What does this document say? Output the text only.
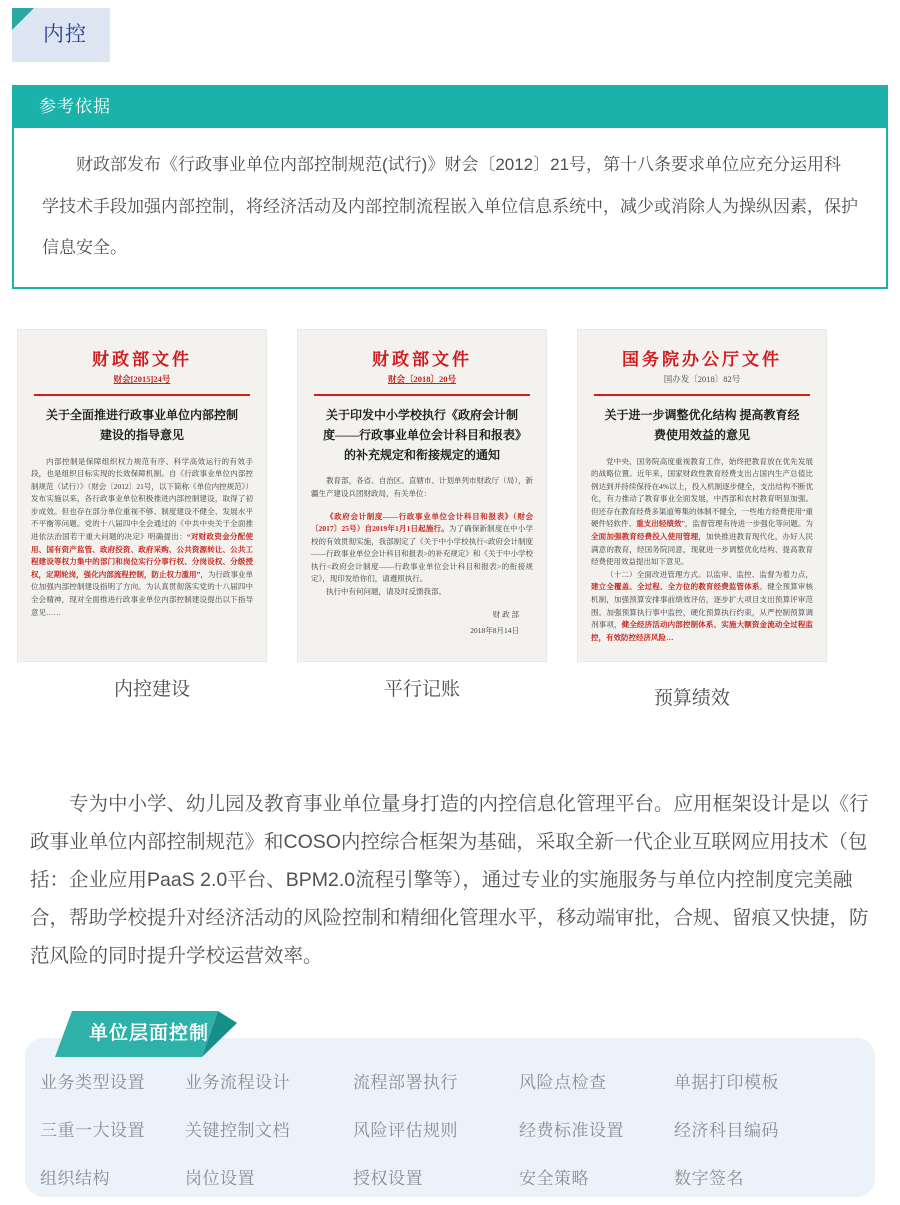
内控
参考依据

财政部发布《行政事业单位内部控制规范(试行)》财会〔2012〕21号，第十八条要求单位应充分运用科学技术手段加强内部控制，将经济活动及内部控制流程嵌入单位信息系统中，减少或消除人为操纵因素，保护信息安全。

财政部文件
财会[2015]24号
关于全面推进行政事业单位内部控制建设的指导意见

内部控制是保障组织权力规范有序、科学高效运行的有效手段，也是组织目标实现的长效保障机制。自《行政事业单位内部控制规范（试行）》（财会〔2012〕21号，以下简称《单位内控规范》）发布实施以来，各行政事业单位积极推进内部控制建设，取得了初步成效。但也存在部分单位重视不够、制度建设不健全、发展水平不平衡等问题。党的十八届四中全会通过的《中共中央关于全面推进依法治国若干重大问题的决定》明确提出：“对财政资金分配使用、国有资产监管、政府投资、政府采购、公共资源转让、公共工程建设等权力集中的部门和岗位实行分事行权、分岗设权、分级授权，定期轮岗，强化内部流程控制，防止权力滥用”，为行政事业单位加强内部控制建设指明了方向。为认真贯彻落实党的十八届四中全会精神，现对全面推进行政事业单位内部控制建设提出以下指导意见……

财政部文件
财会〔2018〕20号
关于印发中小学校执行《政府会计制度——行政事业单位会计科目和报表》的补充规定和衔接规定的通知

教育部，各省、自治区、直辖市、计划单列市财政厅（局），新疆生产建设兵团财政局，有关单位：

《政府会计制度——行政事业单位会计科目和报表》（财会〔2017〕25号）自2019年1月1日起施行。为了确保新制度在中小学校的有效贯彻实施，我部制定了《关于中小学校执行<政府会计制度——行政事业单位会计科目和报表>的补充规定》和《关于中小学校执行<政府会计制度——行政事业单位会计科目和报表>的衔接规定》，现印发给你们，请遵照执行。

执行中有何问题，请及时反馈我部。

财 政 部

2018年8月14日

国务院办公厅文件
国办发〔2018〕82号
关于进一步调整优化结构 提高教育经费使用效益的意见

党中央、国务院高度重视教育工作，始终把教育放在优先发展的战略位置。近年来，国家财政性教育经费支出占国内生产总值比例达到并持续保持在4%以上，投入机制逐步健全，支出结构不断优化，有力推动了教育事业全面发展，中西部和农村教育明显加强。但还存在教育经费多渠道筹集的体制不健全，一些地方经费使用“重硬件轻软件、重支出轻绩效”，监督管理有待进一步强化等问题。为全面加强教育经费投入使用管理，加快推进教育现代化，办好人民满意的教育，经国务院同意，现就进一步调整优化结构、提高教育经费使用效益提出如下意见。

（十二）全面改进管理方式。以监审、监控、监督为着力点，建立全覆盖、全过程、全方位的教育经费监管体系。健全预算审核机制，加强预算安排事前绩效评估，逐步扩大项目支出预算评审范围。加强预算执行事中监控，硬化预算执行约束，从严控制预算调剂事项，健全经济活动内部控制体系、实施大额资金流动全过程监控，有效防控经济风险…

内控建设	平行记账	预算绩效

专为中小学、幼儿园及教育事业单位量身打造的内控信息化管理平台。应用框架设计是以《行政事业单位内部控制规范》和COSO内控综合框架为基础，采取全新一代企业互联网应用技术（包括：企业应用PaaS 2.0平台、BPM2.0流程引擎等），通过专业的实施服务与单位内控制度完美融合，帮助学校提升对经济活动的风险控制和精细化管理水平，移动端审批，合规、留痕又快捷，防范风险的同时提升学校运营效率。

单位层面控制
业务类型设置	业务流程设计	流程部署执行	风险点检查	单据打印模板
三重一大设置	关键控制文档	风险评估规则	经费标准设置	经济科目编码
组织结构	岗位设置	授权设置	安全策略	数字签名
